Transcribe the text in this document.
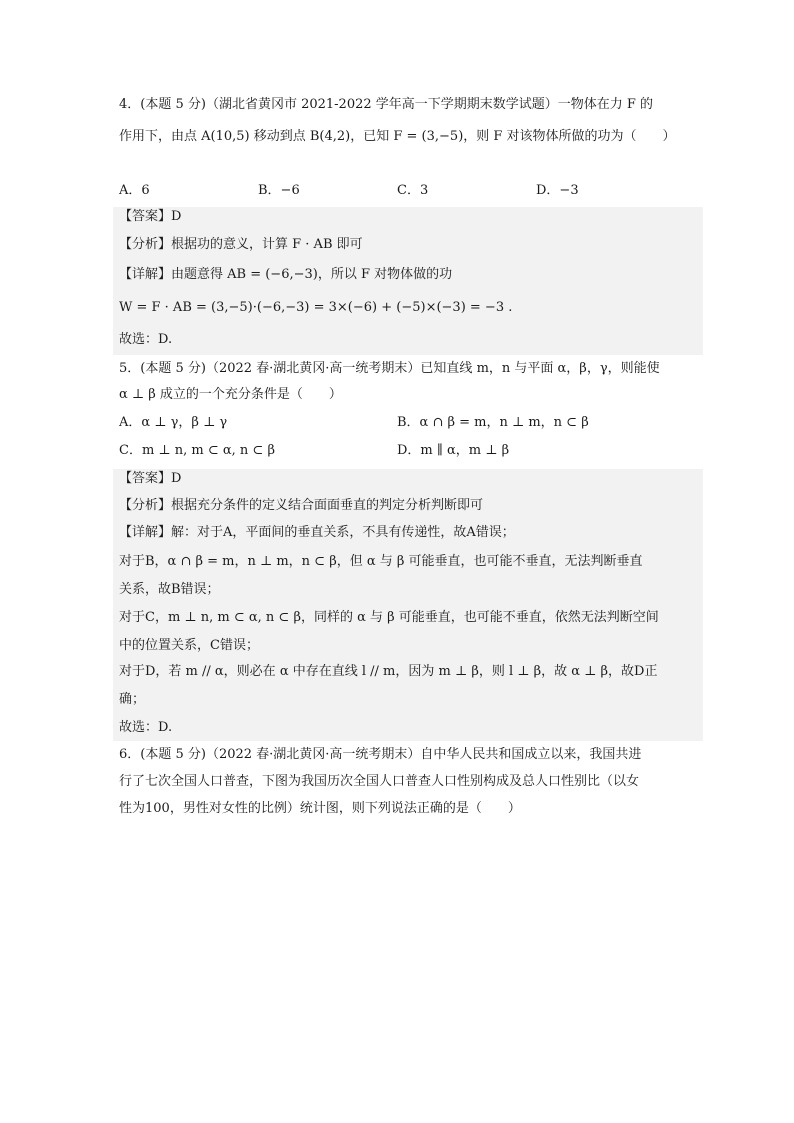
4．(本题 5 分)（湖北省黄冈市 2021-2022 学年高一下学期期末数学试题）一物体在力 F 的
作用下，由点 A(10,5) 移动到点 B(4,2)，已知 F = (3,−5)，则 F 对该物体所做的功为（　　）
A．6	B．−6	C．3	D．−3
【答案】D
【分析】根据功的意义，计算 F · AB 即可
【详解】由题意得 AB = (−6,−3)，所以 F 对物体做的功
W = F · AB = (3,−5)·(−6,−3) = 3×(−6) + (−5)×(−3) = −3 .
故选：D.
5．(本题 5 分)（2022 春·湖北黄冈·高一统考期末）已知直线 m，n 与平面 α，β，γ，则能使
α ⊥ β 成立的一个充分条件是（　　）
A．α ⊥ γ，β ⊥ γ	B．α ∩ β = m，n ⊥ m，n ⊂ β
C．m ⊥ n, m ⊂ α, n ⊂ β	D．m ∥ α，m ⊥ β
【答案】D
【分析】根据充分条件的定义结合面面垂直的判定分析判断即可
【详解】解：对于A，平面间的垂直关系，不具有传递性，故A错误；
对于B，α ∩ β = m，n ⊥ m，n ⊂ β，但 α 与 β 可能垂直，也可能不垂直，无法判断垂直
关系，故B错误；
对于C，m ⊥ n, m ⊂ α, n ⊂ β，同样的 α 与 β 可能垂直，也可能不垂直，依然无法判断空间
中的位置关系，C错误；
对于D，若 m // α，则必在 α 中存在直线 l // m，因为 m ⊥ β，则 l ⊥ β，故 α ⊥ β，故D正
确；
故选：D.
6．(本题 5 分)（2022 春·湖北黄冈·高一统考期末）自中华人民共和国成立以来，我国共进
行了七次全国人口普查，下图为我国历次全国人口普查人口性别构成及总人口性别比（以女
性为100，男性对女性的比例）统计图，则下列说法正确的是（　　）
